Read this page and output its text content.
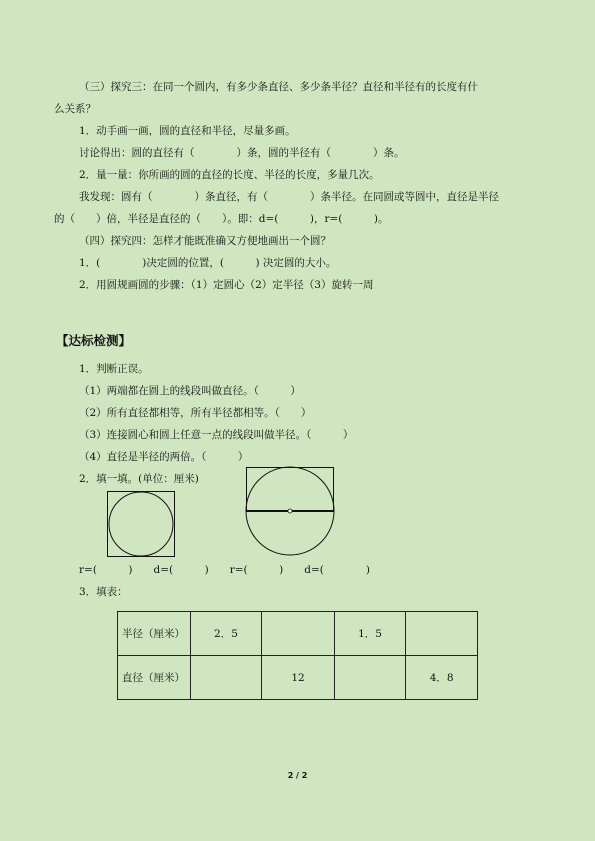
（三）探究三：在同一个圆内，有多少条直径、多少条半径？直径和半径有的长度有什
么关系？
1．动手画一画，圆的直径和半径，尽量多画。
讨论得出：圆的直径有（　　　　）条，圆的半径有（　　　　）条。
2．量一量：你所画的圆的直径的长度、半径的长度，多量几次。
我发现：圆有（　　　　）条直径，有（　　　　）条半径。在同圆或等圆中，直径是半径
的（　　）倍，半径是直径的（　　）。即：d=(　　　)，r=(　　　)。
（四）探究四：怎样才能既准确又方便地画出一个圆？
1．(　　　　)决定圆的位置，(　　　) 决定圆的大小。
2．用圆规画圆的步骤：（1）定圆心（2）定半径（3）旋转一周
【达标检测】
1．判断正误。
（1）两端都在圆上的线段叫做直径。（　　　）
（2）所有直径都相等，所有半径都相等。（　　）
（3）连接圆心和圆上任意一点的线段叫做半径。（　　　）
（4）直径是半径的两倍。（　　　）
2．填一填。(单位：厘米)
r=(　　　)　　d=(　　　)　　r=(　　　)　　d=(　　　　)
3．填表：
半径（厘米）	2．5		1．5	
直径（厘米）		12		4．8
2 / 2
